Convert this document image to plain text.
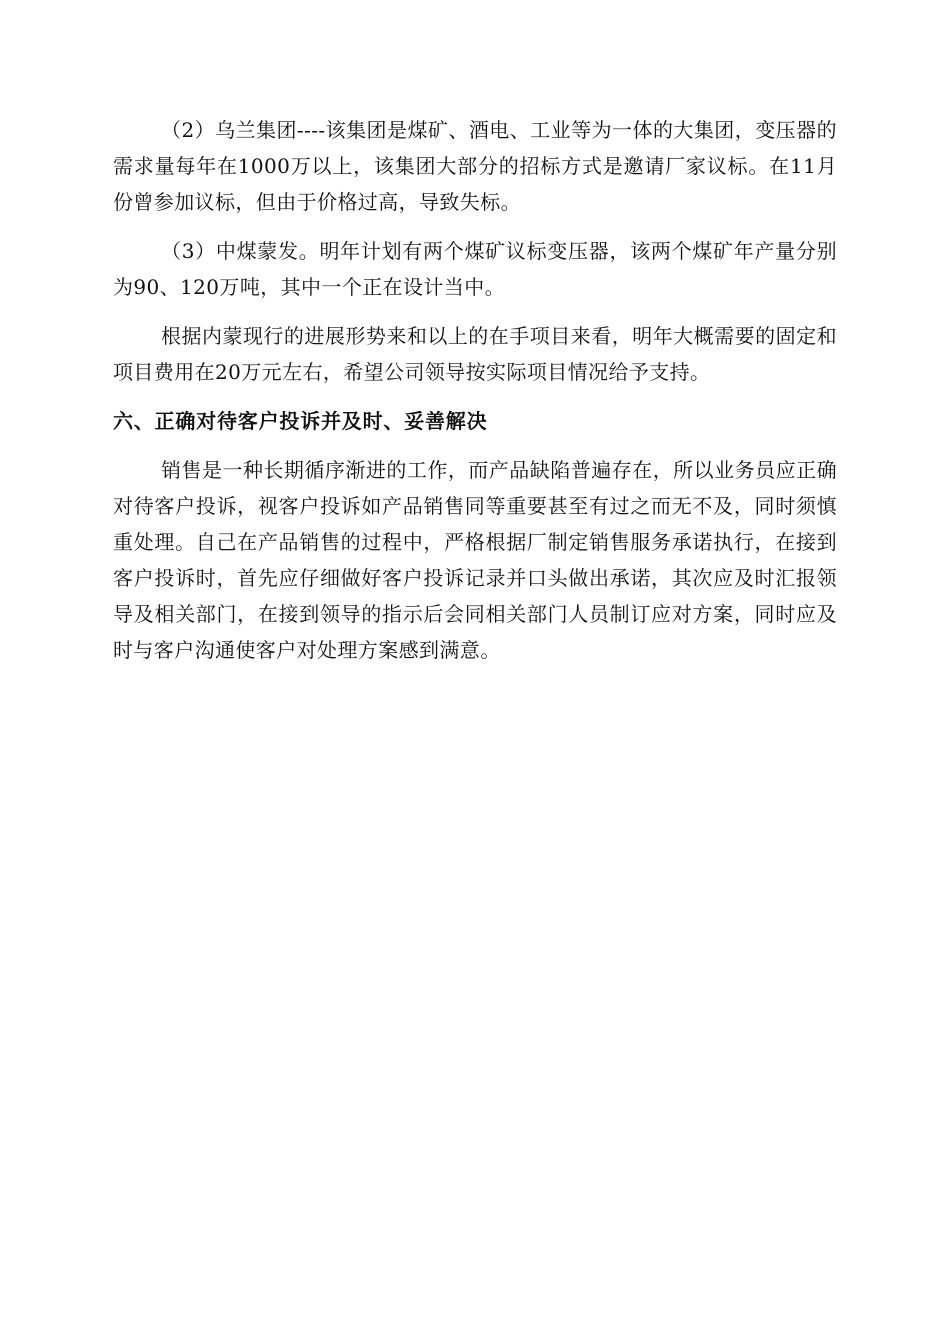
（2）乌兰集团----该集团是煤矿、酒电、工业等为一体的大集团，变压器的需求量每年在1000万以上，该集团大部分的招标方式是邀请厂家议标。在11月份曾参加议标，但由于价格过高，导致失标。

（3）中煤蒙发。明年计划有两个煤矿议标变压器，该两个煤矿年产量分别为90、120万吨，其中一个正在设计当中。

根据内蒙现行的进展形势来和以上的在手项目来看，明年大概需要的固定和项目费用在20万元左右，希望公司领导按实际项目情况给予支持。

六、正确对待客户投诉并及时、妥善解决

销售是一种长期循序渐进的工作，而产品缺陷普遍存在，所以业务员应正确对待客户投诉，视客户投诉如产品销售同等重要甚至有过之而无不及，同时须慎重处理。自己在产品销售的过程中，严格根据厂制定销售服务承诺执行，在接到客户投诉时，首先应仔细做好客户投诉记录并口头做出承诺，其次应及时汇报领导及相关部门，在接到领导的指示后会同相关部门人员制订应对方案，同时应及时与客户沟通使客户对处理方案感到满意。
